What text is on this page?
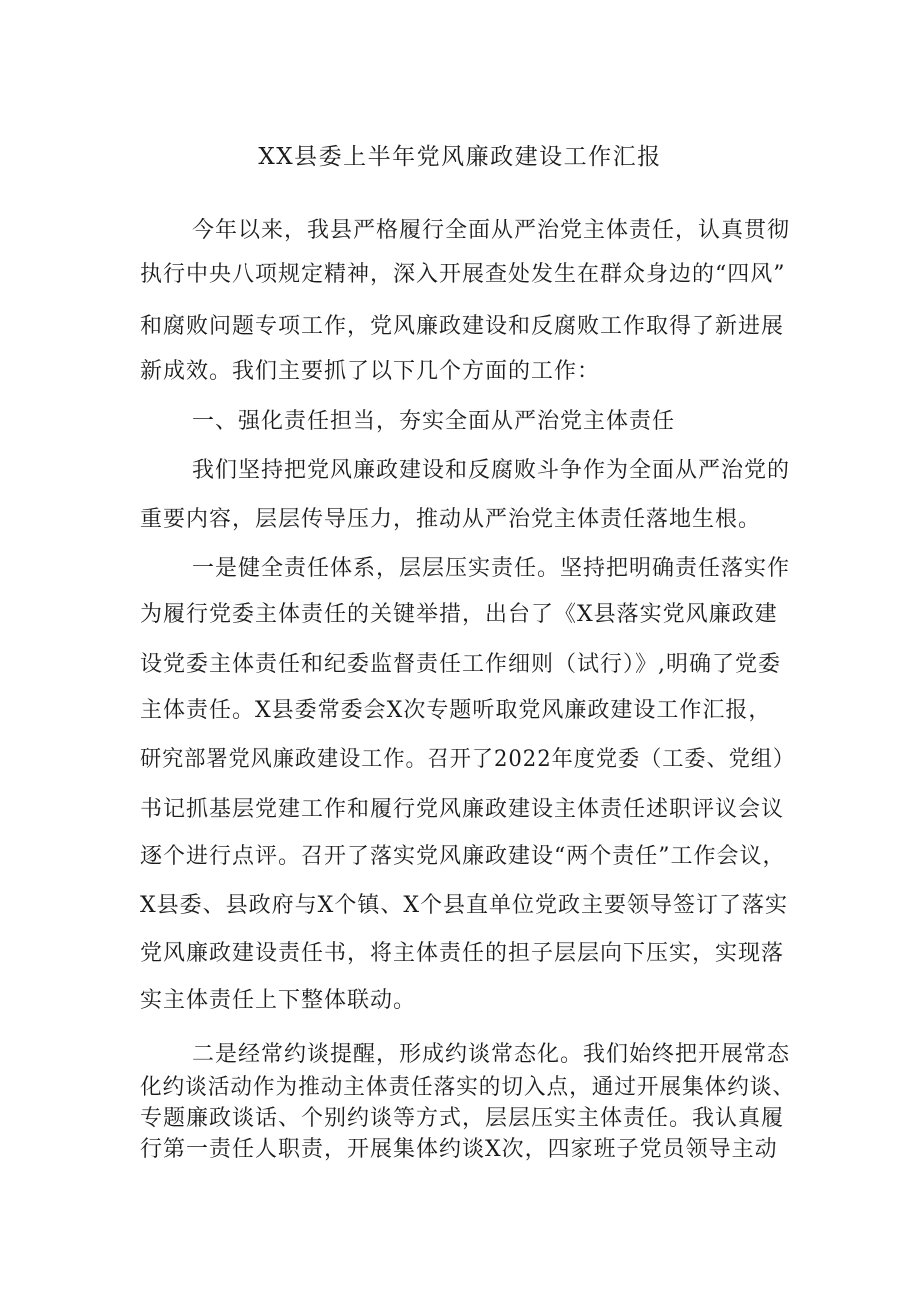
XX县委上半年党风廉政建设工作汇报
今年以来，我县严格履行全面从严治党主体责任，认真贯彻
执行中央八项规定精神，深入开展查处发生在群众身边的“四风”
和腐败问题专项工作，党风廉政建设和反腐败工作取得了新进展
新成效。我们主要抓了以下几个方面的工作：
一、强化责任担当，夯实全面从严治党主体责任
我们坚持把党风廉政建设和反腐败斗争作为全面从严治党的
重要内容，层层传导压力，推动从严治党主体责任落地生根。
一是健全责任体系，层层压实责任。坚持把明确责任落实作
为履行党委主体责任的关键举措，出台了《X县落实党风廉政建
设党委主体责任和纪委监督责任工作细则（试行）》,明确了党委
主体责任。X县委常委会X次专题听取党风廉政建设工作汇报，
研究部署党风廉政建设工作。召开了2022年度党委（工委、党组）
书记抓基层党建工作和履行党风廉政建设主体责任述职评议会议
逐个进行点评。召开了落实党风廉政建设“两个责任”工作会议，
X县委、县政府与X个镇、X个县直单位党政主要领导签订了落实
党风廉政建设责任书，将主体责任的担子层层向下压实，实现落
实主体责任上下整体联动。
二是经常约谈提醒，形成约谈常态化。我们始终把开展常态
化约谈活动作为推动主体责任落实的切入点，通过开展集体约谈、
专题廉政谈话、个别约谈等方式，层层压实主体责任。我认真履
行第一责任人职责，开展集体约谈X次，四家班子党员领导主动
